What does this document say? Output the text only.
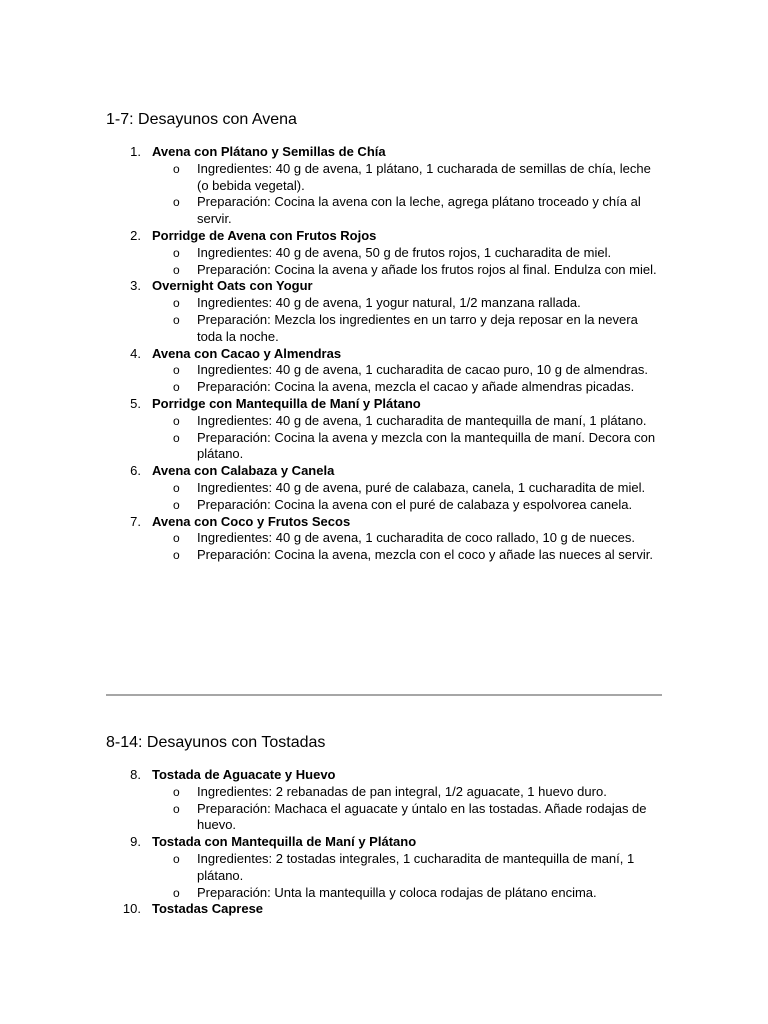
1-7: Desayunos con Avena
1. Avena con Plátano y Semillas de Chía
o Ingredientes: 40 g de avena, 1 plátano, 1 cucharada de semillas de chía, leche (o bebida vegetal).
o Preparación: Cocina la avena con la leche, agrega plátano troceado y chía al servir.
2. Porridge de Avena con Frutos Rojos
o Ingredientes: 40 g de avena, 50 g de frutos rojos, 1 cucharadita de miel.
o Preparación: Cocina la avena y añade los frutos rojos al final. Endulza con miel.
3. Overnight Oats con Yogur
o Ingredientes: 40 g de avena, 1 yogur natural, 1/2 manzana rallada.
o Preparación: Mezcla los ingredientes en un tarro y deja reposar en la nevera toda la noche.
4. Avena con Cacao y Almendras
o Ingredientes: 40 g de avena, 1 cucharadita de cacao puro, 10 g de almendras.
o Preparación: Cocina la avena, mezcla el cacao y añade almendras picadas.
5. Porridge con Mantequilla de Maní y Plátano
o Ingredientes: 40 g de avena, 1 cucharadita de mantequilla de maní, 1 plátano.
o Preparación: Cocina la avena y mezcla con la mantequilla de maní. Decora con plátano.
6. Avena con Calabaza y Canela
o Ingredientes: 40 g de avena, puré de calabaza, canela, 1 cucharadita de miel.
o Preparación: Cocina la avena con el puré de calabaza y espolvorea canela.
7. Avena con Coco y Frutos Secos
o Ingredientes: 40 g de avena, 1 cucharadita de coco rallado, 10 g de nueces.
o Preparación: Cocina la avena, mezcla con el coco y añade las nueces al servir.
8-14: Desayunos con Tostadas
8. Tostada de Aguacate y Huevo
o Ingredientes: 2 rebanadas de pan integral, 1/2 aguacate, 1 huevo duro.
o Preparación: Machaca el aguacate y úntalo en las tostadas. Añade rodajas de huevo.
9. Tostada con Mantequilla de Maní y Plátano
o Ingredientes: 2 tostadas integrales, 1 cucharadita de mantequilla de maní, 1 plátano.
o Preparación: Unta la mantequilla y coloca rodajas de plátano encima.
10. Tostadas Caprese
